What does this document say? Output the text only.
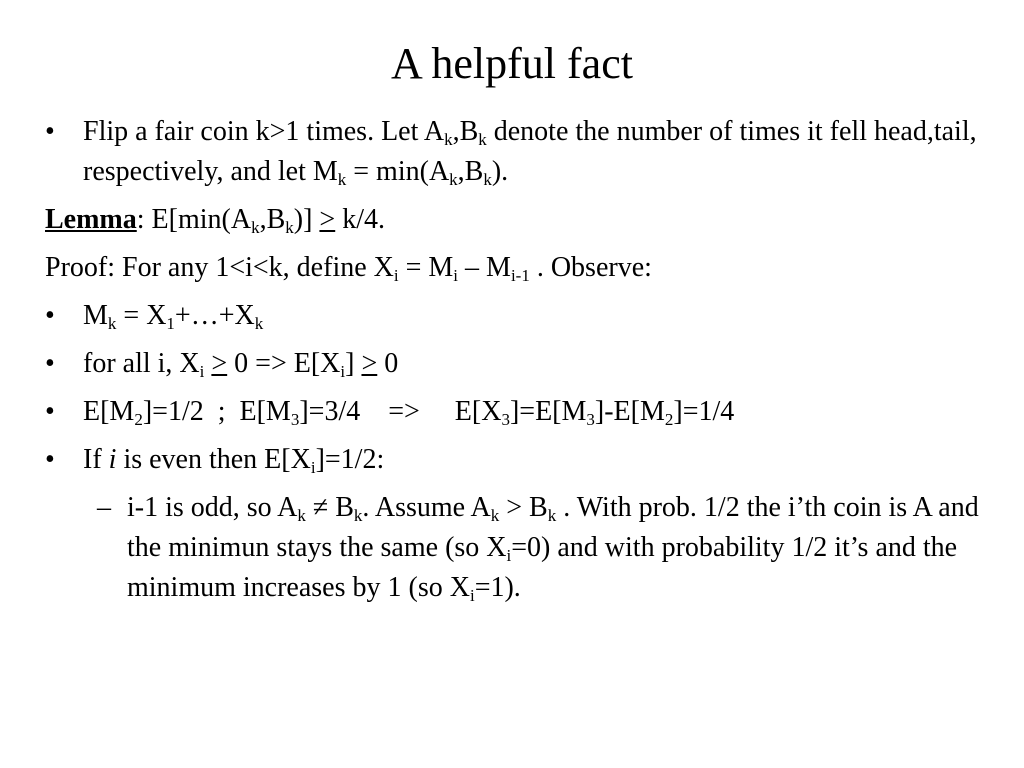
A helpful fact
•	Flip a fair coin k>1 times. Let $A_k,B_k$ denote the number of times it fell head,tail, respectively, and let $M_k = \min(A_k,B_k)$.
Lemma: $E[\min(A_k,B_k)] \ge k/4$.
Proof: For any 1<i<k, define $X_i = M_i - M_{i-1}$ . Observe:
•	$M_k$ = $X_1+\dots+X_k$
•	for all i, $X_i \ge 0 => E[X_i] \ge 0$
•	$E[M_2]=1/2$  ;  $E[M_3]=3/4$    =>     $E[X_3]=E[M_3]-E[M_2]=1/4$
•	If i is even then $E[X_i]=1/2$:
– i-1 is odd, so $A_k \ne B_k$. Assume $A_k > B_k$ . With prob. 1/2 the i’th coin is A and the minimun stays the same (so $X_i=0$) and with probability 1/2 it’s and the minimum increases by 1 (so $X_i=1$).
